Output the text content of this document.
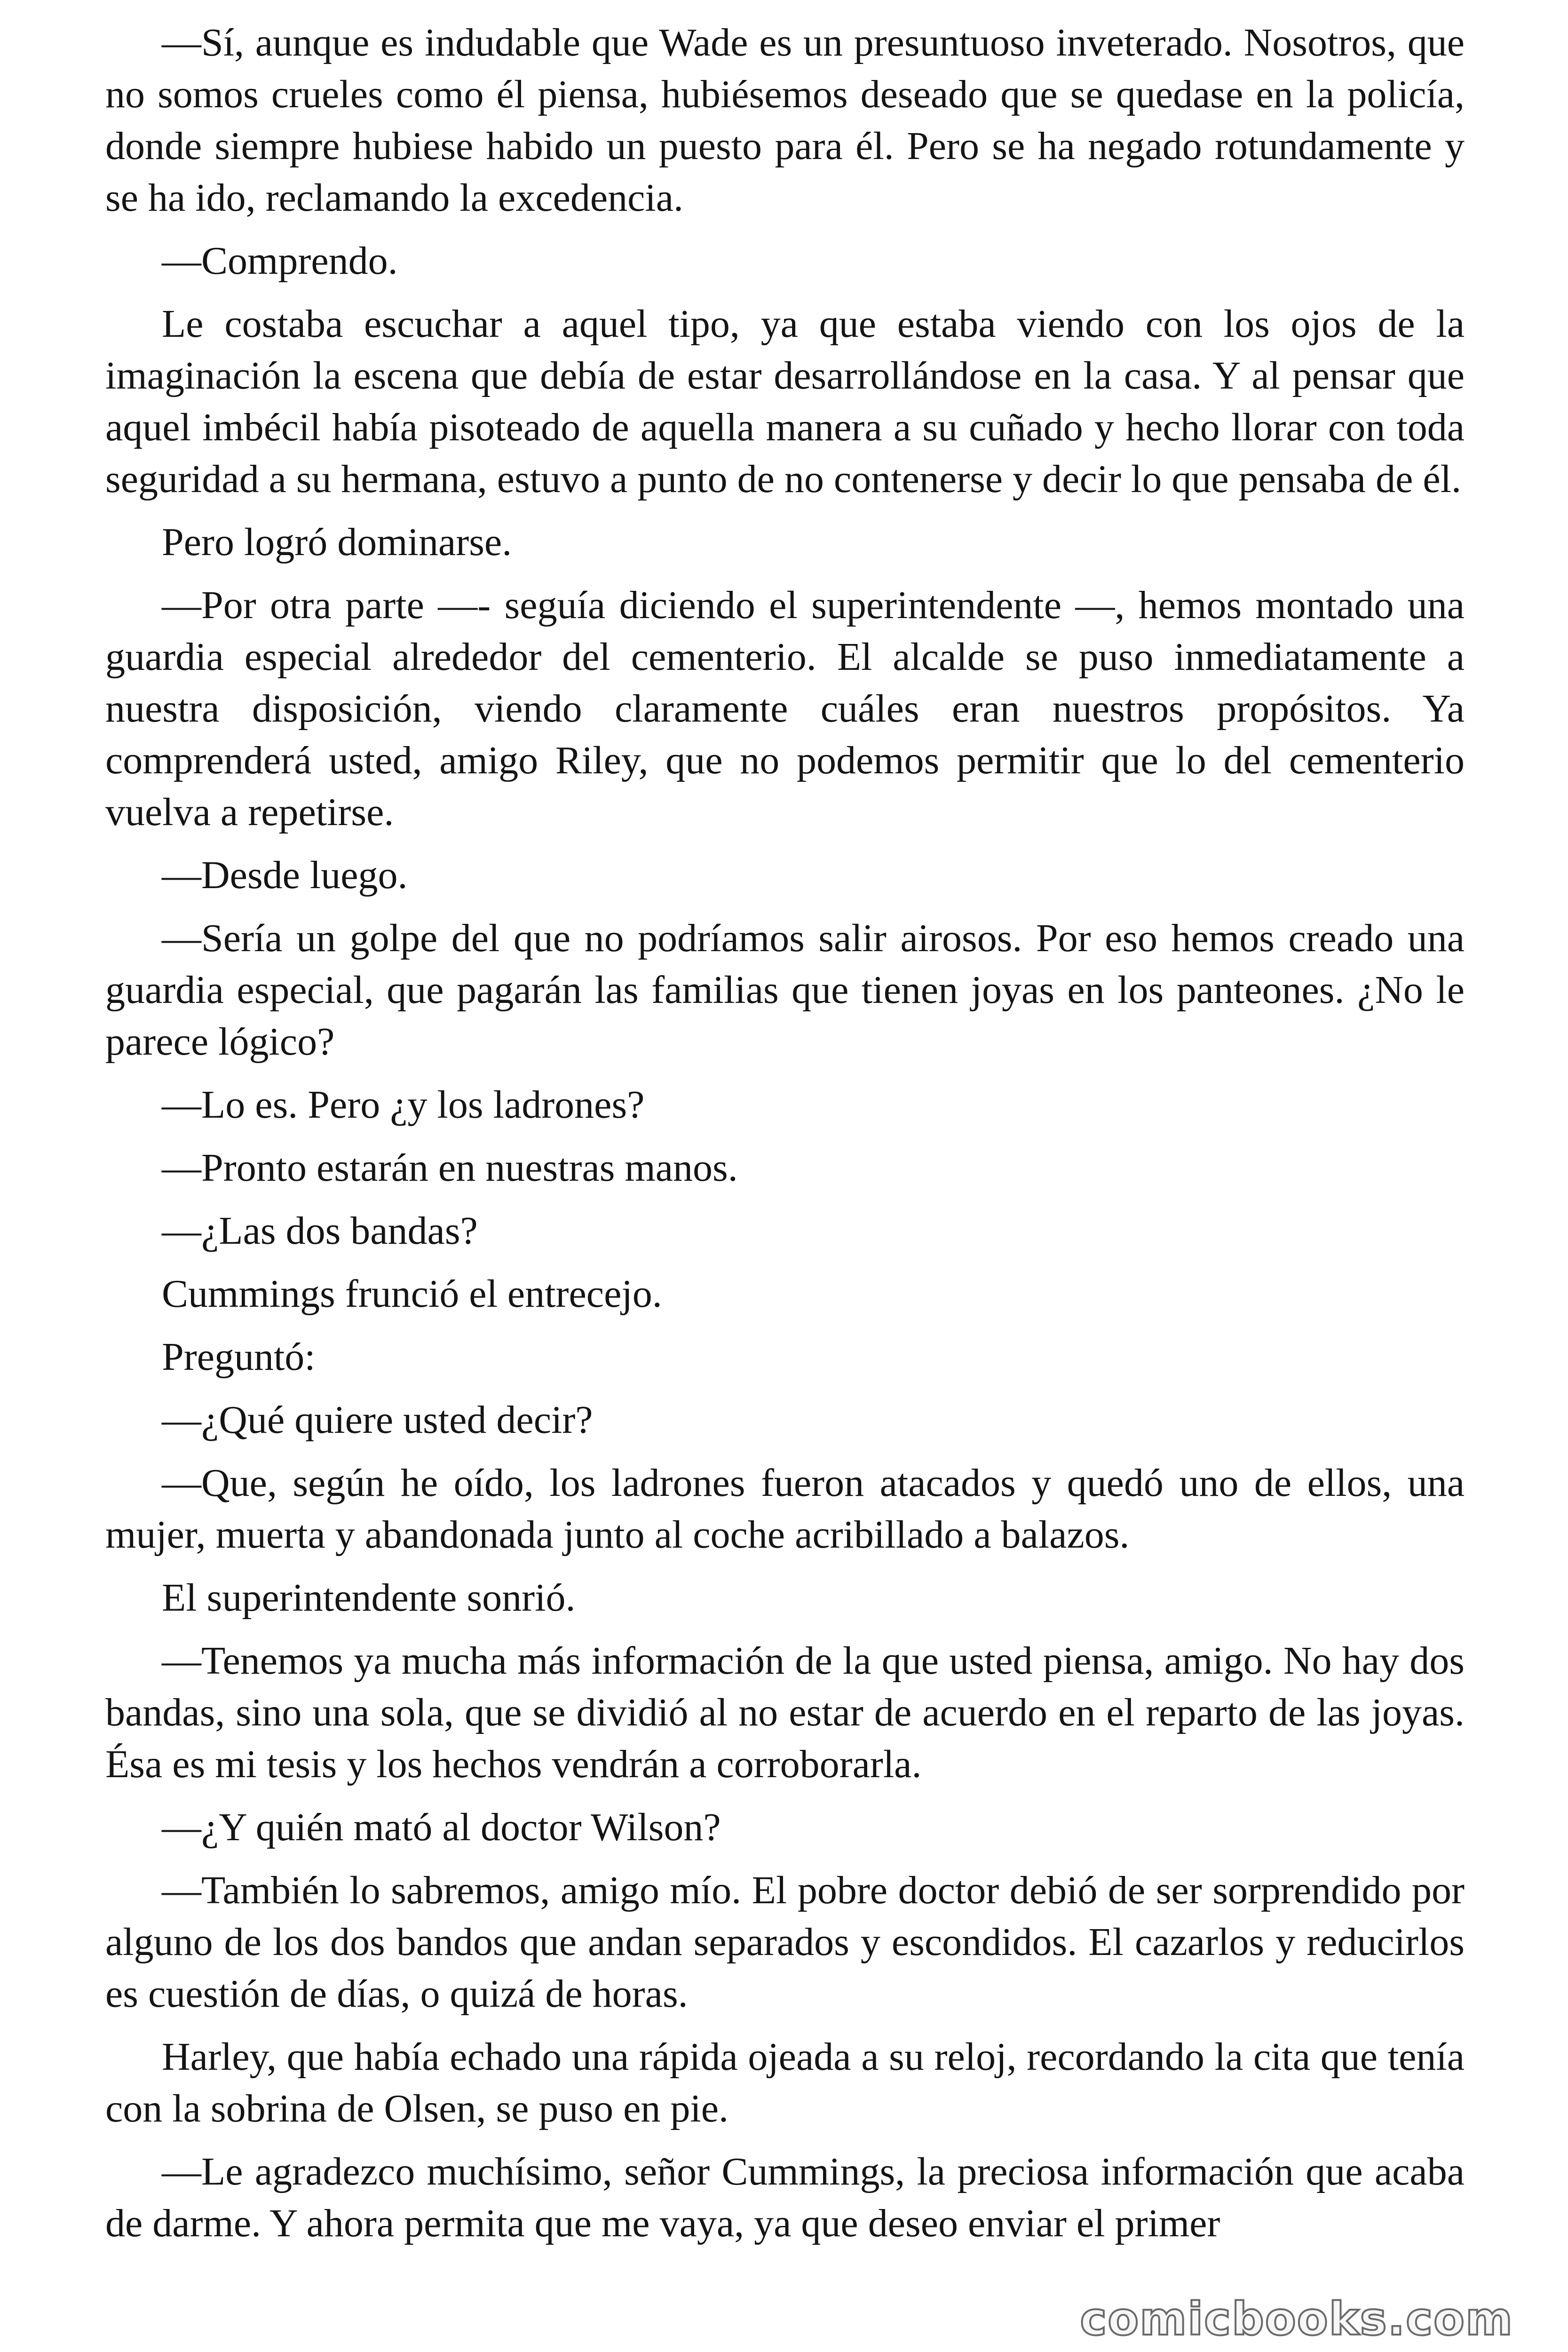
—Sí, aunque es indudable que Wade es un presuntuoso inveterado. Nosotros, que no somos crueles como él piensa, hubiésemos deseado que se quedase en la policía, donde siempre hubiese habido un puesto para él. Pero se ha negado rotundamente y se ha ido, reclamando la excedencia.

—Comprendo.

Le costaba escuchar a aquel tipo, ya que estaba viendo con los ojos de la imaginación la escena que debía de estar desarrollándose en la casa. Y al pensar que aquel imbécil había pisoteado de aquella manera a su cuñado y hecho llorar con toda seguridad a su hermana, estuvo a punto de no contenerse y decir lo que pensaba de él.

Pero logró dominarse.

—Por otra parte —- seguía diciendo el superintendente —, hemos montado una guardia especial alrededor del cementerio. El alcalde se puso inmediatamente a nuestra disposición, viendo claramente cuáles eran nuestros propósitos. Ya comprenderá usted, amigo Riley, que no podemos permitir que lo del cementerio vuelva a repetirse.

—Desde luego.

—Sería un golpe del que no podríamos salir airosos. Por eso hemos creado una guardia especial, que pagarán las familias que tienen joyas en los panteones. ¿No le parece lógico?

—Lo es. Pero ¿y los ladrones?

—Pronto estarán en nuestras manos.

—¿Las dos bandas?

Cummings frunció el entrecejo.

Preguntó:

—¿Qué quiere usted decir?

—Que, según he oído, los ladrones fueron atacados y quedó uno de ellos, una mujer, muerta y abandonada junto al coche acribillado a balazos.

El superintendente sonrió.

—Tenemos ya mucha más información de la que usted piensa, amigo. No hay dos bandas, sino una sola, que se dividió al no estar de acuerdo en el reparto de las joyas. Ésa es mi tesis y los hechos vendrán a corroborarla.

—¿Y quién mató al doctor Wilson?

—También lo sabremos, amigo mío. El pobre doctor debió de ser sorprendido por alguno de los dos bandos que andan separados y escondidos. El cazarlos y reducirlos es cuestión de días, o quizá de horas.

Harley, que había echado una rápida ojeada a su reloj, recordando la cita que tenía con la sobrina de Olsen, se puso en pie.

—Le agradezco muchísimo, señor Cummings, la preciosa información que acaba de darme. Y ahora permita que me vaya, ya que deseo enviar el primer

comicbooks.com
